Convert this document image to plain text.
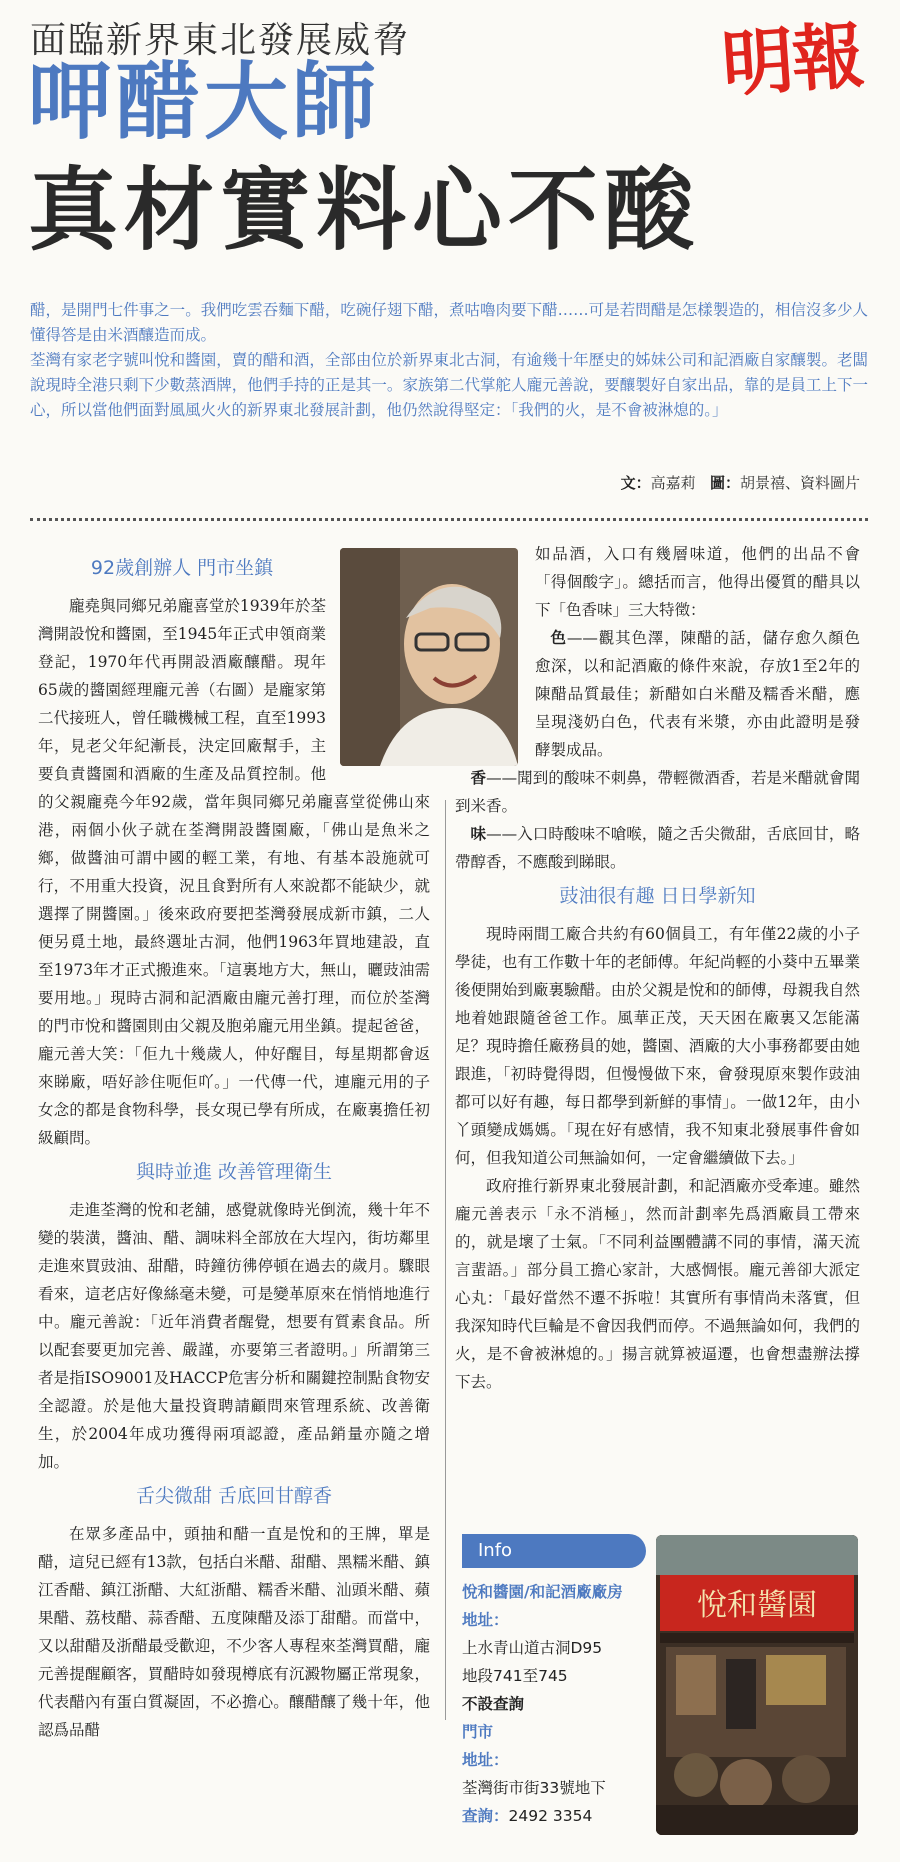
面臨新界東北發展威脅
呷醋大師
真材實料心不酸
明報

醋，是開門七件事之一。我們吃雲吞麵下醋，吃碗仔翅下醋，煮咕嚕肉要下醋……可是若問醋是怎樣製造的，相信沒多少人懂得答是由米酒釀造而成。

荃灣有家老字號叫悅和醬園，賣的醋和酒，全部由位於新界東北古洞，有逾幾十年歷史的姊妹公司和記酒廠自家釀製。老闆說現時全港只剩下少數蒸酒牌，他們手持的正是其一。家族第二代掌舵人龐元善說，要釀製好自家出品，靠的是員工上下一心，所以當他們面對風風火火的新界東北發展計劃，他仍然說得堅定：「我們的火，是不會被淋熄的。」

文：高嘉莉 圖：胡景禧、資料圖片
92歲創辦人 門市坐鎮

龐堯與同鄉兄弟龐喜堂於1939年於荃灣開設悅和醬園，至1945年正式申領商業登記，1970年代再開設酒廠釀醋。現年65歲的醬園經理龐元善（右圖）是龐家第二代接班人，曾任職機械工程，直至1993年，見老父年紀漸長，決定回廠幫手，主要負責醬園和酒廠的生產及品質控制。他的父親龐堯今年92歲，當年與同鄉兄弟龐喜堂從佛山來港，兩個小伙子就在荃灣開設醬園廠，「佛山是魚米之鄉，做醬油可謂中國的輕工業，有地、有基本設施就可行，不用重大投資，況且食對所有人來說都不能缺少，就選擇了開醬園。」後來政府要把荃灣發展成新市鎮，二人便另覓土地，最終選址古洞，他們1963年買地建設，直至1973年才正式搬進來。「這裏地方大，無山，曬豉油需要用地。」現時古洞和記酒廠由龐元善打理，而位於荃灣的門市悅和醬園則由父親及胞弟龐元用坐鎮。提起爸爸，龐元善大笑：「佢九十幾歲人，仲好醒目，每星期都會返來睇廠，唔好診住呃佢吖。」一代傳一代，連龐元用的子女念的都是食物科學，長女現已學有所成，在廠裏擔任初級顧問。

與時並進 改善管理衛生

走進荃灣的悅和老舖，感覺就像時光倒流，幾十年不變的裝潢，醬油、醋、調味料全部放在大埕內，街坊鄰里走進來買豉油、甜醋，時鐘彷彿停頓在過去的歲月。驟眼看來，這老店好像絲毫未變，可是變革原來在悄悄地進行中。龐元善說：「近年消費者醒覺，想要有質素食品。所以配套要更加完善、嚴謹，亦要第三者證明。」所謂第三者是指ISO9001及HACCP危害分析和關鍵控制點食物安全認證。於是他大量投資聘請顧問來管理系統、改善衛生，於2004年成功獲得兩項認證，產品銷量亦隨之增加。

舌尖微甜 舌底回甘醇香

在眾多產品中，頭抽和醋一直是悅和的王牌，單是醋，這兒已經有13款，包括白米醋、甜醋、黑糯米醋、鎮江香醋、鎮江浙醋、大紅浙醋、糯香米醋、汕頭米醋、蘋果醋、荔枝醋、蒜香醋、五度陳醋及添丁甜醋。而當中，又以甜醋及浙醋最受歡迎，不少客人專程來荃灣買醋，龐元善提醒顧客，買醋時如發現樽底有沉澱物屬正常現象，代表醋內有蛋白質凝固，不必擔心。釀醋釀了幾十年，他認爲品醋

如品酒，入口有幾層味道，他們的出品不會「得個酸字」。總括而言，他得出優質的醋具以下「色香味」三大特徵：

色——觀其色澤，陳醋的話，儲存愈久顏色愈深，以和記酒廠的條件來說，存放1至2年的陳醋品質最佳；新醋如白米醋及糯香米醋，應呈現淺奶白色，代表有米漿，亦由此證明是發酵製成品。

香——聞到的酸味不刺鼻，帶輕微酒香，若是米醋就會聞到米香。

味——入口時酸味不嗆喉，隨之舌尖微甜，舌底回甘，略帶醇香，不應酸到睇眼。

豉油很有趣 日日學新知

現時兩間工廠合共約有60個員工，有年僅22歲的小子學徒，也有工作數十年的老師傅。年紀尚輕的小葵中五畢業後便開始到廠裏驗醋。由於父親是悅和的師傅，母親我自然地着她跟隨爸爸工作。風華正茂，天天困在廠裏又怎能滿足？現時擔任廠務員的她，醬園、酒廠的大小事務都要由她跟進，「初時覺得悶，但慢慢做下來，會發現原來製作豉油都可以好有趣，每日都學到新鮮的事情」。一做12年，由小丫頭變成媽媽。「現在好有感情，我不知東北發展事件會如何，但我知道公司無論如何，一定會繼續做下去。」

政府推行新界東北發展計劃，和記酒廠亦受牽連。雖然龐元善表示「永不消極」，然而計劃率先爲酒廠員工帶來的，就是壞了士氣。「不同利益團體講不同的事情，滿天流言蜚語。」部分員工擔心家計，大感惆悵。龐元善卻大派定心丸：「最好當然不遷不拆啦！其實所有事情尚未落實，但我深知時代巨輪是不會因我們而停。不過無論如何，我們的火，是不會被淋熄的。」揚言就算被逼遷，也會想盡辦法撐下去。

Info
悅和醬園/和記酒廠廠房
地址：
上水青山道古洞D95
地段741至745
不設查詢
門市
地址：
荃灣街市街33號地下
查詢：2492 3354
悅和醬園
